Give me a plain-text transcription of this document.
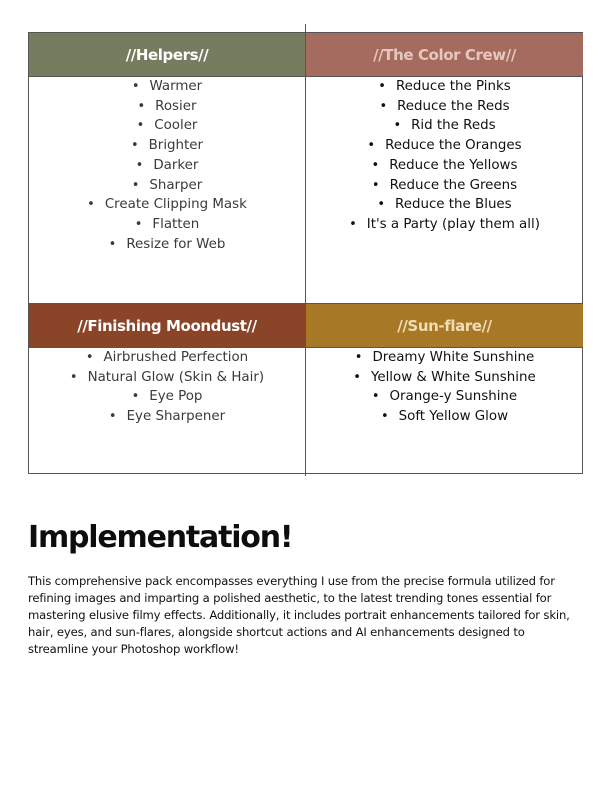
//Helpers//
• Warmer
• Rosier
• Cooler
• Brighter
• Darker
• Sharper
• Create Clipping Mask
• Flatten
• Resize for Web
//The Color Crew//
• Reduce the Pinks
• Reduce the Reds
• Rid the Reds
• Reduce the Oranges
• Reduce the Yellows
• Reduce the Greens
• Reduce the Blues
• It's a Party (play them all)
//Finishing Moondust//
• Airbrushed Perfection
• Natural Glow (Skin & Hair)
• Eye Pop
• Eye Sharpener
//Sun-flare//
• Dreamy White Sunshine
• Yellow & White Sunshine
• Orange-y Sunshine
• Soft Yellow Glow
Implementation!

This comprehensive pack encompasses everything I use from the precise formula utilized for refining images and imparting a polished aesthetic, to the latest trending tones essential for mastering elusive filmy effects. Additionally, it includes portrait enhancements tailored for skin, hair, eyes, and sun-flares, alongside shortcut actions and AI enhancements designed to streamline your Photoshop workflow!
